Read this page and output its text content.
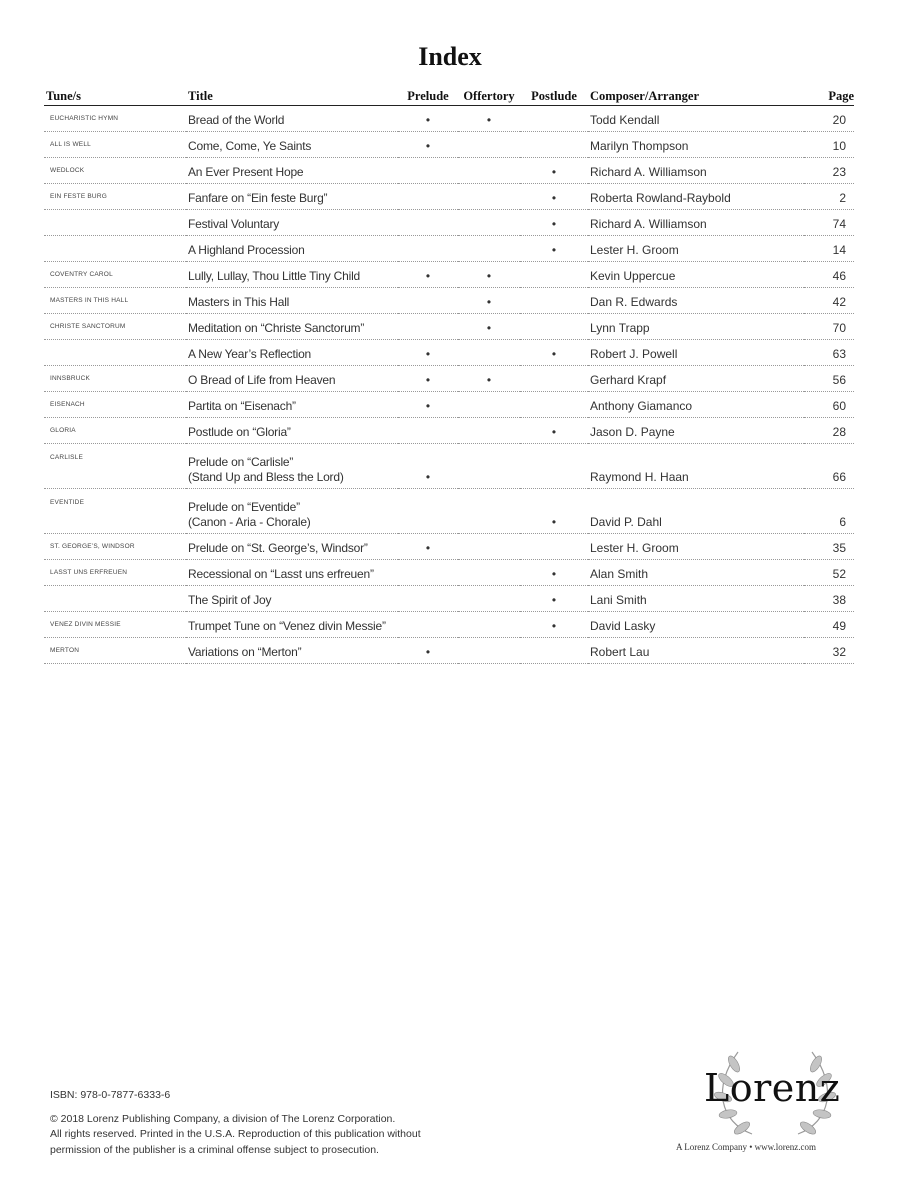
Index
Tune/s	Title	Prelude	Offertory	Postlude	Composer/Arranger	Page
EUCHARISTIC HYMN	Bread of the World	•	•		Todd Kendall	20
ALL IS WELL	Come, Come, Ye Saints	•			Marilyn Thompson	10
WEDLOCK	An Ever Present Hope			•	Richard A. Williamson	23
EIN FESTE BURG	Fanfare on “Ein feste Burg”			•	Roberta Rowland-Raybold	2

	Festival Voluntary			•	Richard A. Williamson	74

	A Highland Procession			•	Lester H. Groom	14
COVENTRY CAROL	Lully, Lullay, Thou Little Tiny Child	•	•		Kevin Uppercue	46
MASTERS IN THIS HALL	Masters in This Hall		•		Dan R. Edwards	42
CHRISTE SANCTORUM	Meditation on “Christe Sanctorum”		•		Lynn Trapp	70

	A New Year’s Reflection	•		•	Robert J. Powell	63
INNSBRUCK	O Bread of Life from Heaven	•	•		Gerhard Krapf	56
EISENACH	Partita on “Eisenach”	•			Anthony Giamanco	60
GLORIA	Postlude on “Gloria”			•	Jason D. Payne	28
CARLISLE	Prelude on “Carlisle”
(Stand Up and Bless the Lord)	•			Raymond H. Haan	66
EVENTIDE	Prelude on “Eventide”
(Canon - Aria - Chorale)			•	David P. Dahl	6
ST. GEORGE’S, WINDSOR	Prelude on “St. George’s, Windsor”	•			Lester H. Groom	35
LASST UNS ERFREUEN	Recessional on “Lasst uns erfreuen”			•	Alan Smith	52

	The Spirit of Joy			•	Lani Smith	38
VENEZ DIVIN MESSIE	Trumpet Tune on “Venez divin Messie”			•	David Lasky	49
MERTON	Variations on “Merton”	•			Robert Lau	32
ISBN: 978-0-7877-6333-6
© 2018 Lorenz Publishing Company, a division of The Lorenz Corporation.
All rights reserved. Printed in the U.S.A. Reproduction of this publication without
permission of the publisher is a criminal offense subject to prosecution.
Lorenz
A Lorenz Company • www.lorenz.com
